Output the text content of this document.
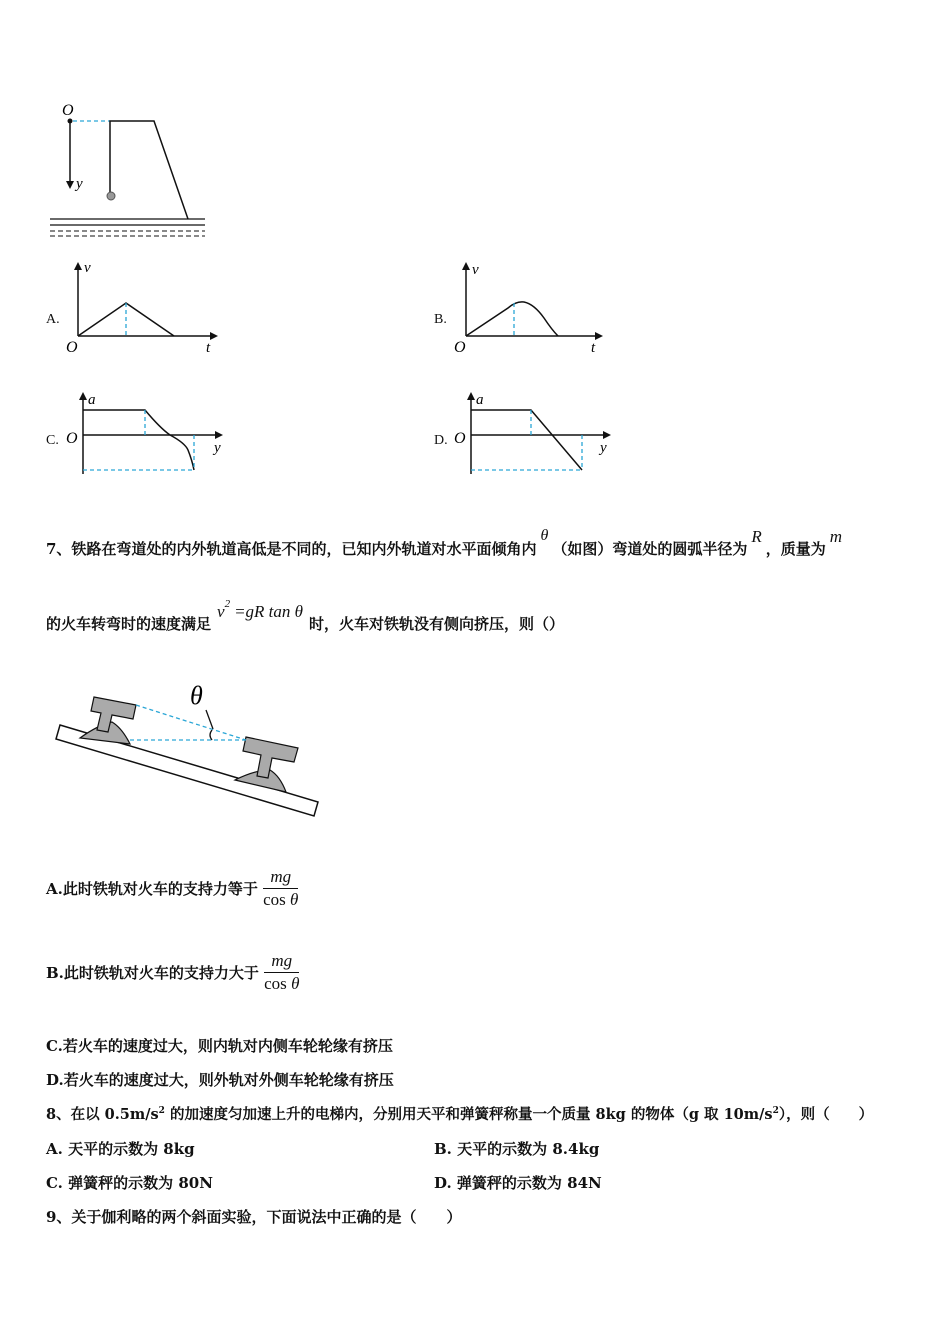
O
y
A.
v
O	t
B.
v
O	t
C.
a
O
y	D.
a
O
y
7、铁路在弯道处的内外轨道高低是不同的，已知内外轨道对水平面倾角内θ（如图）弯道处的圆弧半径为R，质量为m
的火车转弯时的速度满足$v^2 =gR$ tan θ时，火车对铁轨没有侧向挤压，则（）
θ
A.此时铁轨对火车的支持力等于 $\frac{mg}{\text{cos θ}}$
B.此时铁轨对火车的支持力大于 $\frac{mg}{\text{cos θ}}$
C.若火车的速度过大，则内轨对内侧车轮轮缘有挤压
D.若火车的速度过大，则外轨对外侧车轮轮缘有挤压
8、在以 $0.5m/s^2$ 的加速度匀加速上升的电梯内，分别用天平和弹簧秤称量一个质量 8kg 的物体（g 取 $10m/s^2$），则（　　）
A. 天平的示数为 8kg	B. 天平的示数为 8.4kg
C. 弹簧秤的示数为 80N	D. 弹簧秤的示数为 84N
9、关于伽利略的两个斜面实验，下面说法中正确的是（　　）
